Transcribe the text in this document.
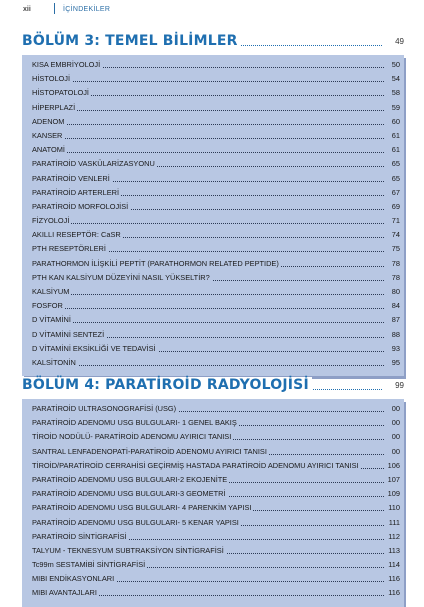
xii	İÇİNDEKİLER
BÖLÜM 3: TEMEL BİLİMLER	49
KISA EMBRİYOLOJİ	50
HİSTOLOJİ	54
HİSTOPATOLOJİ	58
HİPERPLAZİ	59
ADENOM	60
KANSER	61
ANATOMİ	61
PARATİROİD VASKÜLARİZASYONU	65
PARATİROİD VENLERİ	65
PARATİROİD ARTERLERİ	67
PARATİROİD MORFOLOJİSİ	69
FİZYOLOJİ	71
AKILLI RESEPTÖR: CaSR	74
PTH RESEPTÖRLERİ	75
PARATHORMON İLİŞKİLİ PEPTİT (PARATHORMON RELATED PEPTIDE)	78
PTH KAN KALSİYUM DÜZEYİNİ NASIL YÜKSELTİR?	78
KALSİYUM	80
FOSFOR	84
D VİTAMİNİ	87
D VİTAMİNİ SENTEZİ	88
D VİTAMİNİ EKSİKLİĞİ VE TEDAVİSİ	93
KALSİTONİN	95
BÖLÜM 4: PARATİROİD RADYOLOJİSİ	99
PARATİROİD ULTRASONOGRAFİSİ (USG)	00
PARATİROİD ADENOMU USG BULGULARI- 1 GENEL BAKIŞ	00
TİROİD NODÜLÜ- PARATİROİD ADENOMU AYIRICI TANISI	00
SANTRAL LENFADENOPATİ-PARATİROİD ADENOMU AYIRICI TANISI	00
TİROİD/PARATİROİD CERRAHİSİ GEÇİRMİŞ HASTADA PARATİROİD ADENOMU AYIRICI TANISI	106
PARATİROİD ADENOMU USG BULGULARI-2 EKOJENİTE	107
PARATİROİD ADENOMU USG BULGULARI-3 GEOMETRİ	109
PARATİROİD ADENOMU USG BULGULARI- 4 PARENKİM YAPISI	110
PARATİROİD ADENOMU USG BULGULARI- 5 KENAR YAPISI	111
PARATİROİD SİNTİGRAFİSİ	112
TALYUM - TEKNESYUM SUBTRAKSİYON SİNTİGRAFİSİ	113
Tc99m SESTAMİBİ SİNTİGRAFİSİ	114
MIBI ENDİKASYONLARI	116
MIBI AVANTAJLARI	116
